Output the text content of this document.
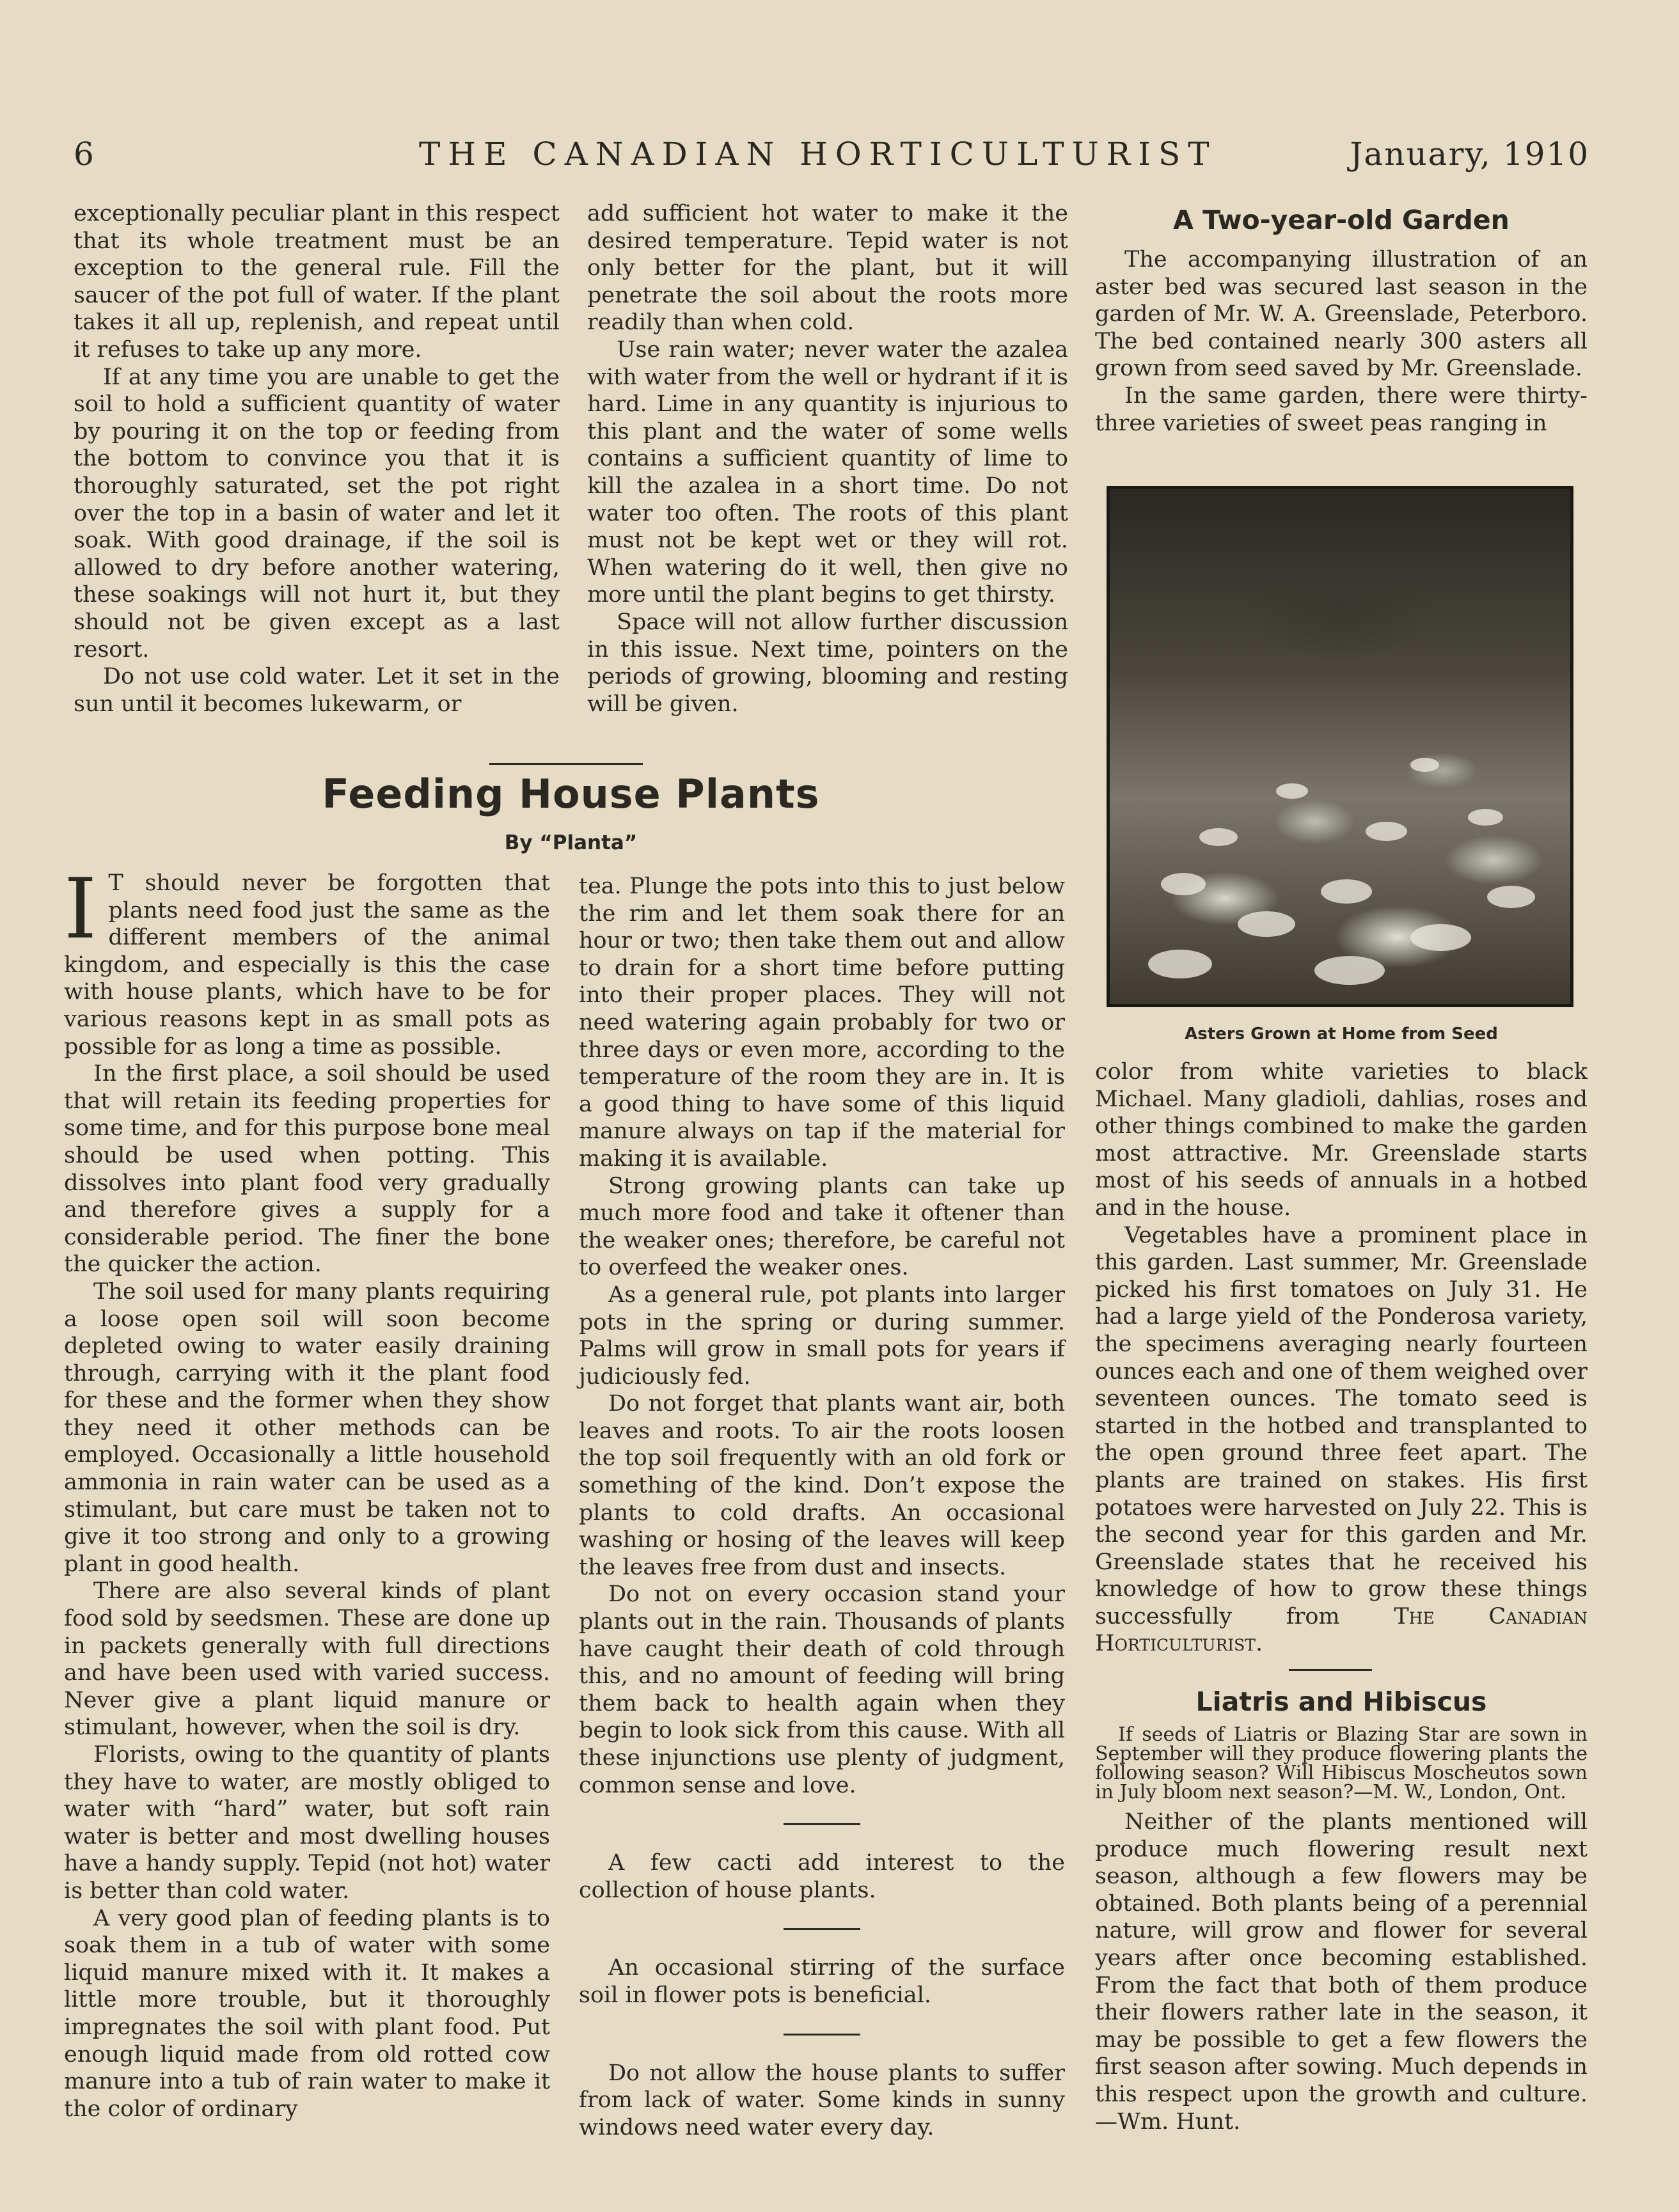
6	THE CANADIAN HORTICULTURIST	January, 1910

exceptionally peculiar plant in this respect that its whole treatment must be an exception to the general rule. Fill the saucer of the pot full of water. If the plant takes it all up, replenish, and repeat until it refuses to take up any more.

If at any time you are unable to get the soil to hold a sufficient quantity of water by pouring it on the top or feeding from the bottom to convince you that it is thoroughly saturated, set the pot right over the top in a basin of water and let it soak. With good drainage, if the soil is allowed to dry before another watering, these soakings will not hurt it, but they should not be given except as a last resort.

Do not use cold water. Let it set in the sun until it becomes lukewarm, or

add sufficient hot water to make it the desired temperature. Tepid water is not only better for the plant, but it will penetrate the soil about the roots more readily than when cold.

Use rain water; never water the azalea with water from the well or hydrant if it is hard. Lime in any quantity is injurious to this plant and the water of some wells contains a sufficient quantity of lime to kill the azalea in a short time. Do not water too often. The roots of this plant must not be kept wet or they will rot. When watering do it well, then give no more until the plant begins to get thirsty.

Space will not allow further discussion in this issue. Next time, pointers on the periods of growing, blooming and resting will be given.

Feeding House Plants
By “Planta”

I T should never be forgotten that plants need food just the same as the different members of the animal kingdom, and especially is this the case with house plants, which have to be for various reasons kept in as small pots as possible for as long a time as possible.

In the first place, a soil should be used that will retain its feeding properties for some time, and for this purpose bone meal should be used when potting. This dissolves into plant food very gradually and therefore gives a supply for a considerable period. The finer the bone the quicker the action.

The soil used for many plants requiring a loose open soil will soon become depleted owing to water easily draining through, carrying with it the plant food for these and the former when they show they need it other methods can be employed. Occasionally a little household ammonia in rain water can be used as a stimulant, but care must be taken not to give it too strong and only to a growing plant in good health.

There are also several kinds of plant food sold by seedsmen. These are done up in packets generally with full directions and have been used with varied success. Never give a plant liquid manure or stimulant, however, when the soil is dry.

Florists, owing to the quantity of plants they have to water, are mostly obliged to water with “hard” water, but soft rain water is better and most dwelling houses have a handy supply. Tepid (not hot) water is better than cold water.

A very good plan of feeding plants is to soak them in a tub of water with some liquid manure mixed with it. It makes a little more trouble, but it thoroughly impregnates the soil with plant food. Put enough liquid made from old rotted cow manure into a tub of rain water to make it the color of ordinary

tea. Plunge the pots into this to just below the rim and let them soak there for an hour or two; then take them out and allow to drain for a short time before putting into their proper places. They will not need watering again probably for two or three days or even more, according to the temperature of the room they are in. It is a good thing to have some of this liquid manure always on tap if the material for making it is available.

Strong growing plants can take up much more food and take it oftener than the weaker ones; therefore, be careful not to overfeed the weaker ones.

As a general rule, pot plants into larger pots in the spring or during summer. Palms will grow in small pots for years if judiciously fed.

Do not forget that plants want air, both leaves and roots. To air the roots loosen the top soil frequently with an old fork or something of the kind. Don’t expose the plants to cold drafts. An occasional washing or hosing of the leaves will keep the leaves free from dust and insects.

Do not on every occasion stand your plants out in the rain. Thousands of plants have caught their death of cold through this, and no amount of feeding will bring them back to health again when they begin to look sick from this cause. With all these injunctions use plenty of judgment, common sense and love.

A few cacti add interest to the collection of house plants.

An occasional stirring of the surface soil in flower pots is beneficial.

Do not allow the house plants to suffer from lack of water. Some kinds in sunny windows need water every day.

A Two-year-old Garden

The accompanying illustration of an aster bed was secured last season in the garden of Mr. W. A. Greenslade, Peterboro. The bed contained nearly 300 asters all grown from seed saved by Mr. Greenslade.

In the same garden, there were thirty-three varieties of sweet peas ranging in

Asters Grown at Home from Seed

color from white varieties to black Michael. Many gladioli, dahlias, roses and other things combined to make the garden most attractive. Mr. Greenslade starts most of his seeds of annuals in a hotbed and in the house.

Vegetables have a prominent place in this garden. Last summer, Mr. Greenslade picked his first tomatoes on July 31. He had a large yield of the Ponderosa variety, the specimens averaging nearly fourteen ounces each and one of them weighed over seventeen ounces. The tomato seed is started in the hotbed and transplanted to the open ground three feet apart. The plants are trained on stakes. His first potatoes were harvested on July 22. This is the second year for this garden and Mr. Greenslade states that he received his knowledge of how to grow these things successfully from The Canadian Horticulturist.

Liatris and Hibiscus

If seeds of Liatris or Blazing Star are sown in September will they produce flowering plants the following season? Will Hibiscus Moscheutos sown in July bloom next season?—M. W., London, Ont.

Neither of the plants mentioned will produce much flowering result next season, although a few flowers may be obtained. Both plants being of a perennial nature, will grow and flower for several years after once becoming established. From the fact that both of them produce their flowers rather late in the season, it may be possible to get a few flowers the first season after sowing. Much depends in this respect upon the growth and culture.—Wm. Hunt.
